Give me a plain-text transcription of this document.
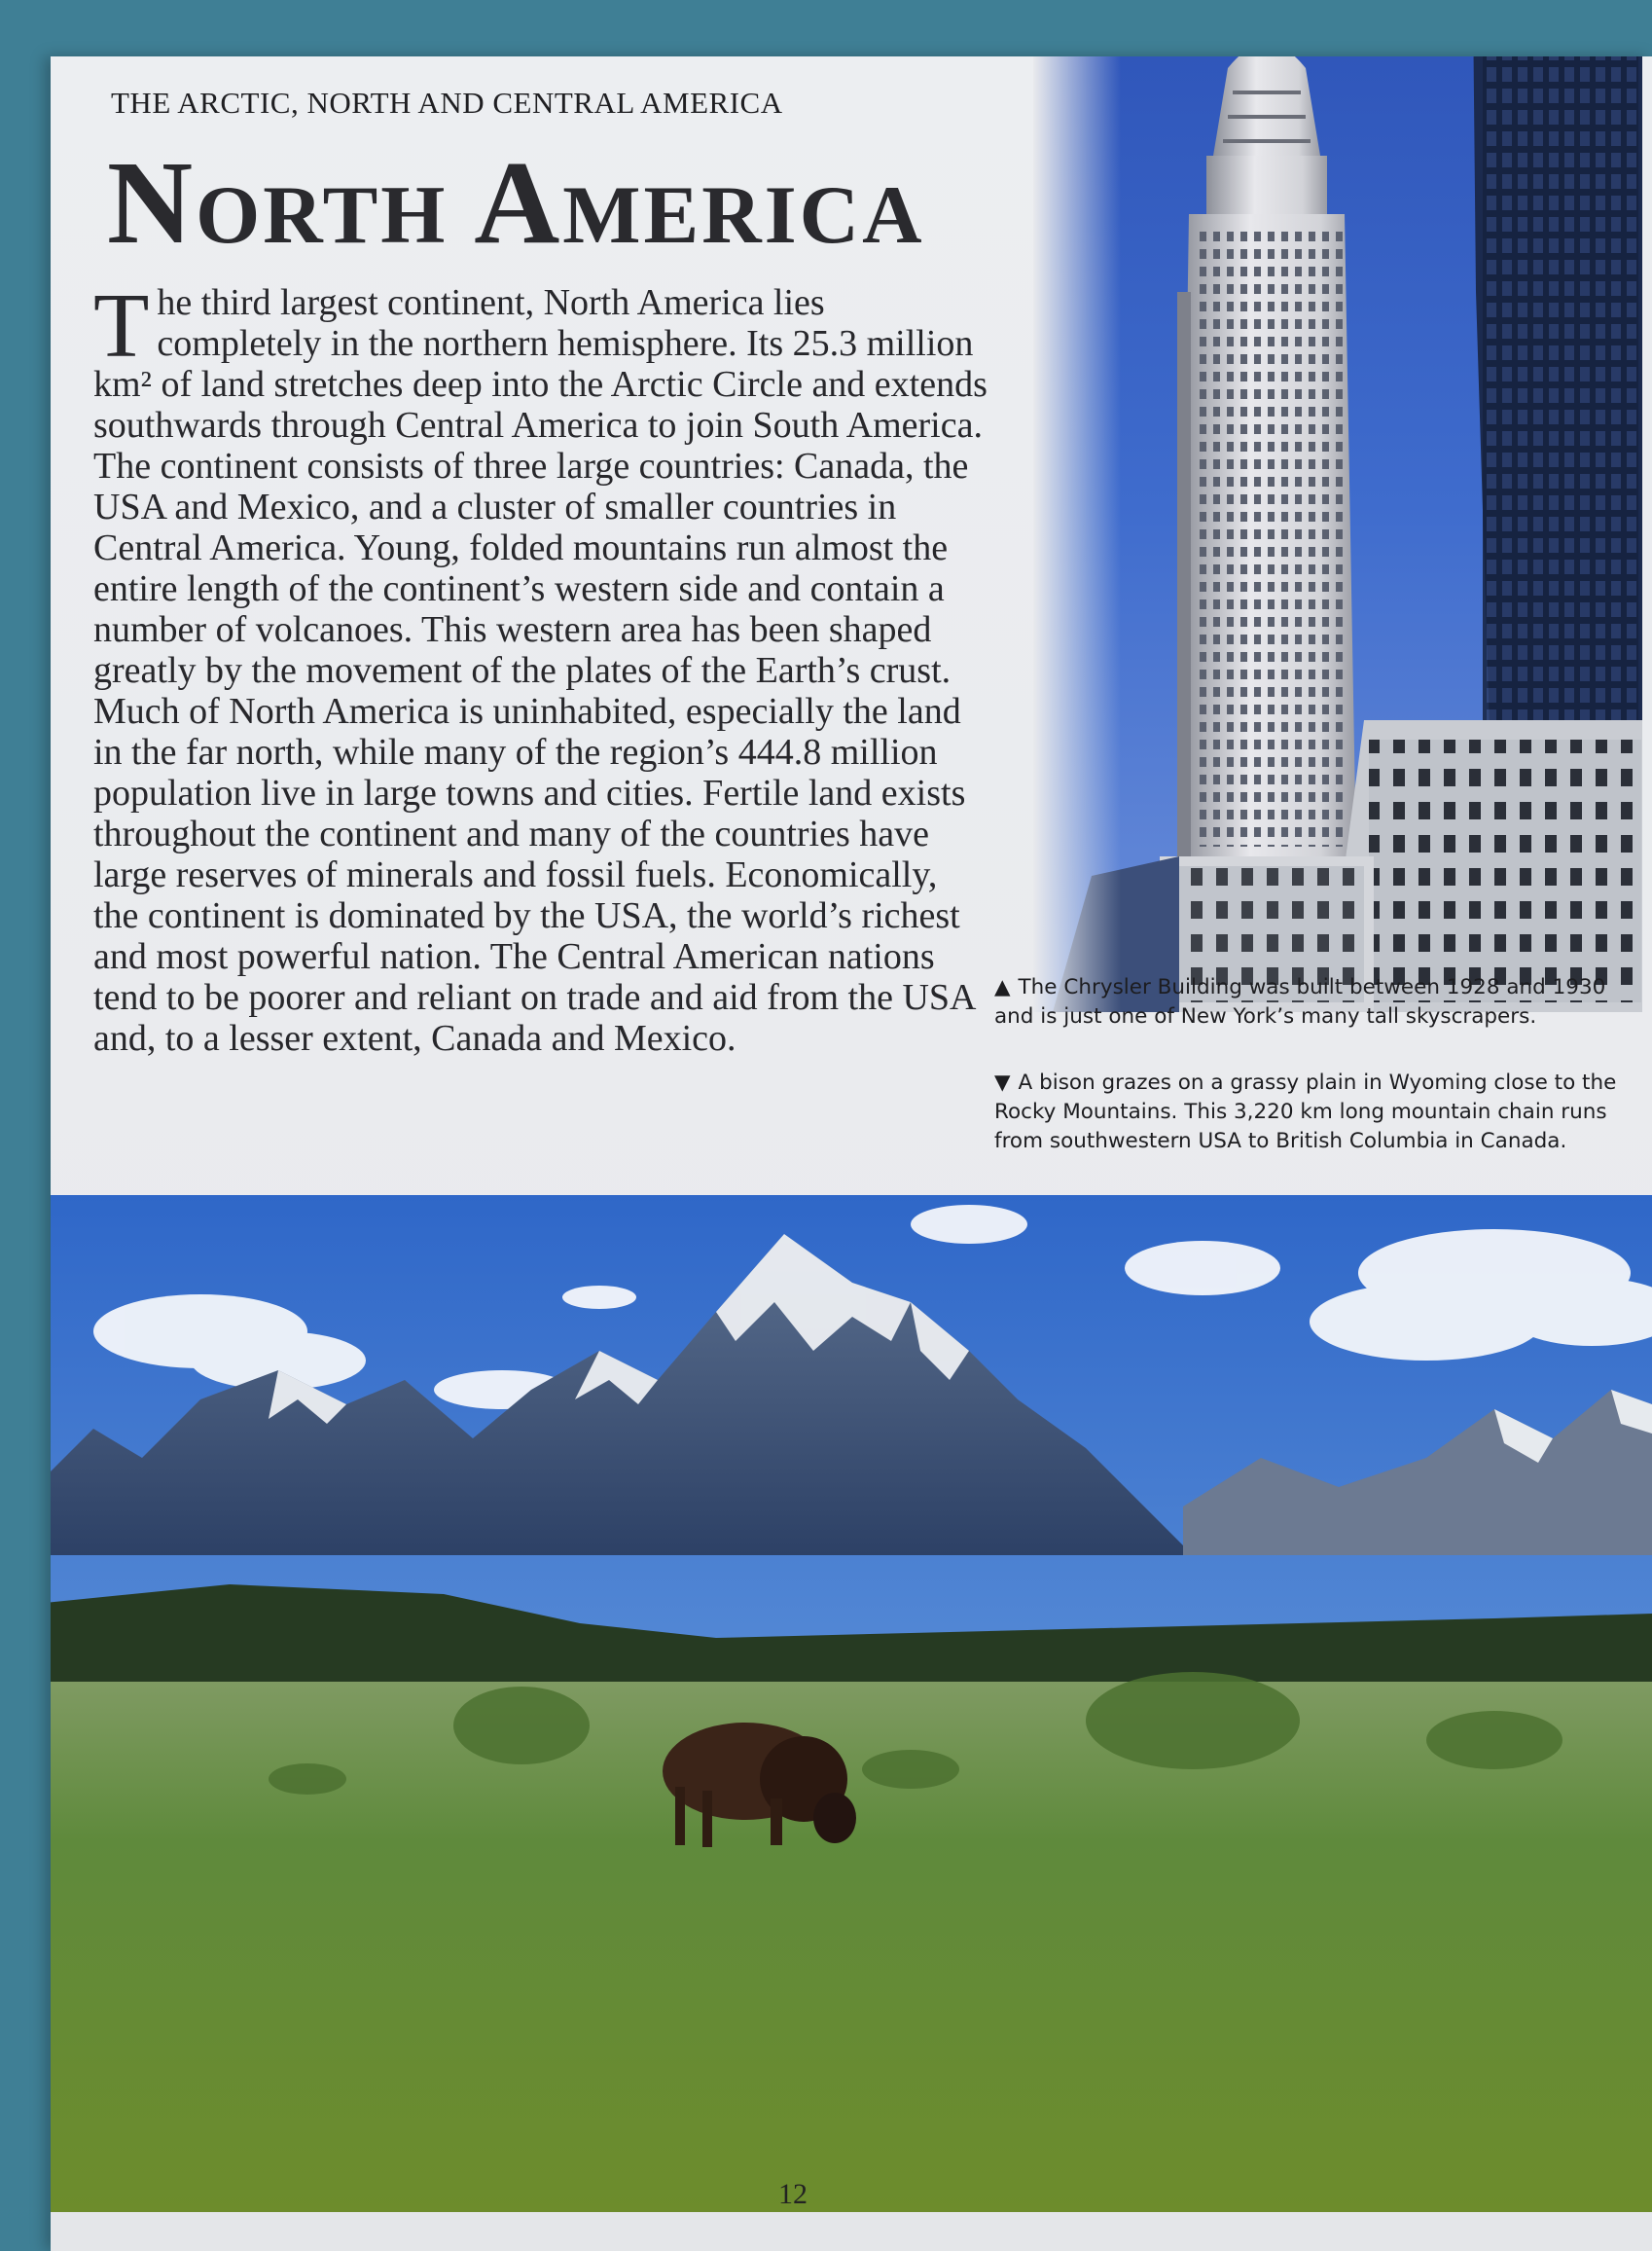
THE ARCTIC, NORTH AND CENTRAL AMERICA
North America
The third largest continent, North America lies completely in the northern hemisphere. Its 25.3 million km² of land stretches deep into the Arctic Circle and extends southwards through Central America to join South America. The continent consists of three large countries: Canada, the USA and Mexico, and a cluster of smaller countries in Central America. Young, folded mountains run almost the entire length of the continent’s western side and contain a number of volcanoes. This western area has been shaped greatly by the movement of the plates of the Earth’s crust. Much of North America is uninhabited, especially the land in the far north, while many of the region’s 444.8 million population live in large towns and cities. Fertile land exists throughout the continent and many of the countries have large reserves of minerals and fossil fuels. Economically, the continent is dominated by the USA, the world’s richest and most powerful nation. The Central American nations tend to be poorer and reliant on trade and aid from the USA and, to a lesser extent, Canada and Mexico.
▲ The Chrysler Building was built between 1928 and 1930 and is just one of New York’s many tall skyscrapers.
▼ A bison grazes on a grassy plain in Wyoming close to the Rocky Mountains. This 3,220 km long mountain chain runs from southwestern USA to British Columbia in Canada.
12
